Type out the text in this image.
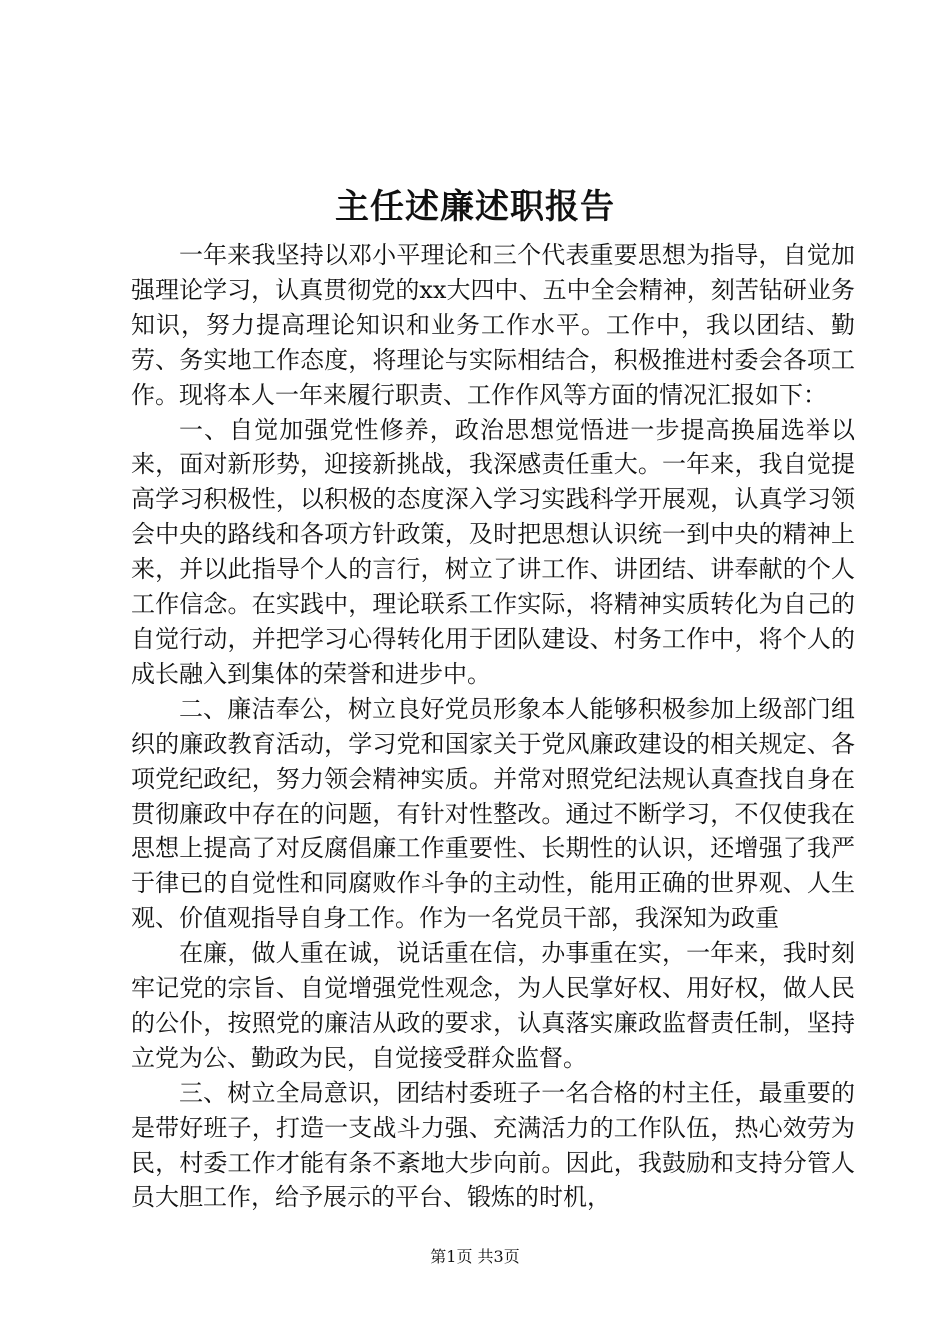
主任述廉述职报告

一年来我坚持以邓小平理论和三个代表重要思想为指导，自觉加强理论学习，认真贯彻党的xx大四中、五中全会精神，刻苦钻研业务知识，努力提高理论知识和业务工作水平。工作中，我以团结、勤劳、务实地工作态度，将理论与实际相结合，积极推进村委会各项工作。现将本人一年来履行职责、工作作风等方面的情况汇报如下：

一、自觉加强党性修养，政治思想觉悟进一步提高换届选举以来，面对新形势，迎接新挑战，我深感责任重大。一年来，我自觉提高学习积极性，以积极的态度深入学习实践科学开展观，认真学习领会中央的路线和各项方针政策，及时把思想认识统一到中央的精神上来，并以此指导个人的言行，树立了讲工作、讲团结、讲奉献的个人工作信念。在实践中，理论联系工作实际，将精神实质转化为自己的自觉行动，并把学习心得转化用于团队建设、村务工作中，将个人的成长融入到集体的荣誉和进步中。

二、廉洁奉公，树立良好党员形象本人能够积极参加上级部门组织的廉政教育活动，学习党和国家关于党风廉政建设的相关规定、各项党纪政纪，努力领会精神实质。并常对照党纪法规认真查找自身在贯彻廉政中存在的问题，有针对性整改。通过不断学习，不仅使我在思想上提高了对反腐倡廉工作重要性、长期性的认识，还增强了我严于律已的自觉性和同腐败作斗争的主动性，能用正确的世界观、人生观、价值观指导自身工作。作为一名党员干部，我深知为政重

在廉，做人重在诚，说话重在信，办事重在实，一年来，我时刻牢记党的宗旨、自觉增强党性观念，为人民掌好权、用好权，做人民的公仆，按照党的廉洁从政的要求，认真落实廉政监督责任制，坚持立党为公、勤政为民，自觉接受群众监督。

三、树立全局意识，团结村委班子一名合格的村主任，最重要的是带好班子，打造一支战斗力强、充满活力的工作队伍，热心效劳为民，村委工作才能有条不紊地大步向前。因此，我鼓励和支持分管人员大胆工作，给予展示的平台、锻炼的时机，

第1页 共3页
